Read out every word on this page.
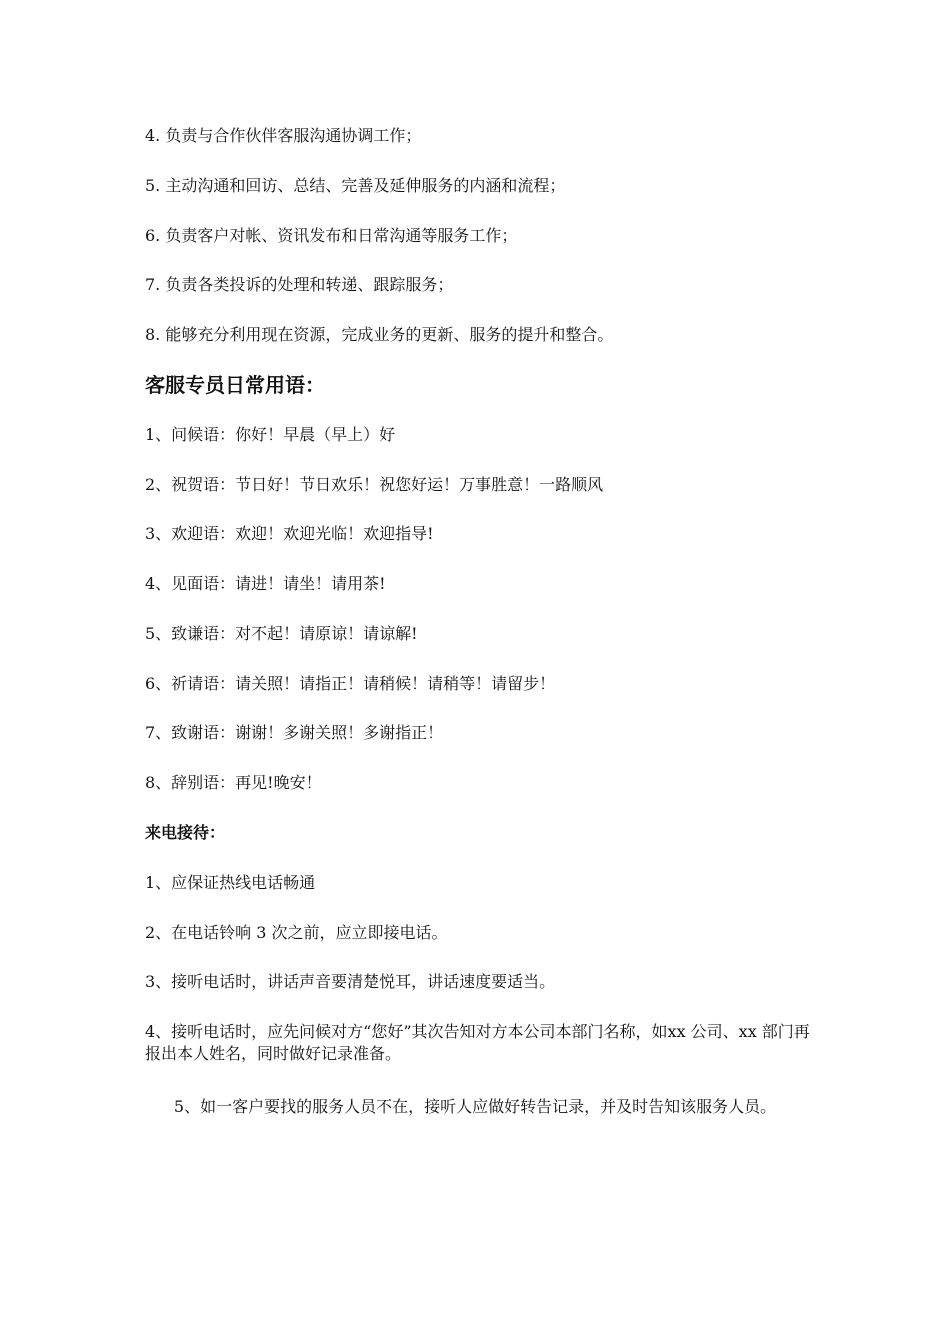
4. 负责与合作伙伴客服沟通协调工作；
5. 主动沟通和回访、总结、完善及延伸服务的内涵和流程；
6. 负责客户对帐、资讯发布和日常沟通等服务工作；
7. 负责各类投诉的处理和转递、跟踪服务；
8. 能够充分利用现在资源，完成业务的更新、服务的提升和整合。
客服专员日常用语：
1、问候语：你好！早晨（早上）好
2、祝贺语：节日好！节日欢乐！祝您好运！万事胜意！一路顺风
3、欢迎语：欢迎！欢迎光临！欢迎指导!
4、见面语：请进！请坐！请用茶!
5、致谦语：对不起！请原谅！请谅解!
6、祈请语：请关照！请指正！请稍候！请稍等！请留步！
7、致谢语：谢谢！多谢关照！多谢指正！
8、辞别语：再见!晚安！
来电接待：
1、应保证热线电话畅通
2、在电话铃响 3 次之前，应立即接电话。
3、接听电话时，讲话声音要清楚悦耳，讲话速度要适当。
4、接听电话时，应先问候对方“您好”其次告知对方本公司本部门名称，如xx 公司、xx 部门再报出本人姓名，同时做好记录准备。
5、如一客户要找的服务人员不在，接听人应做好转告记录，并及时告知该服务人员。
